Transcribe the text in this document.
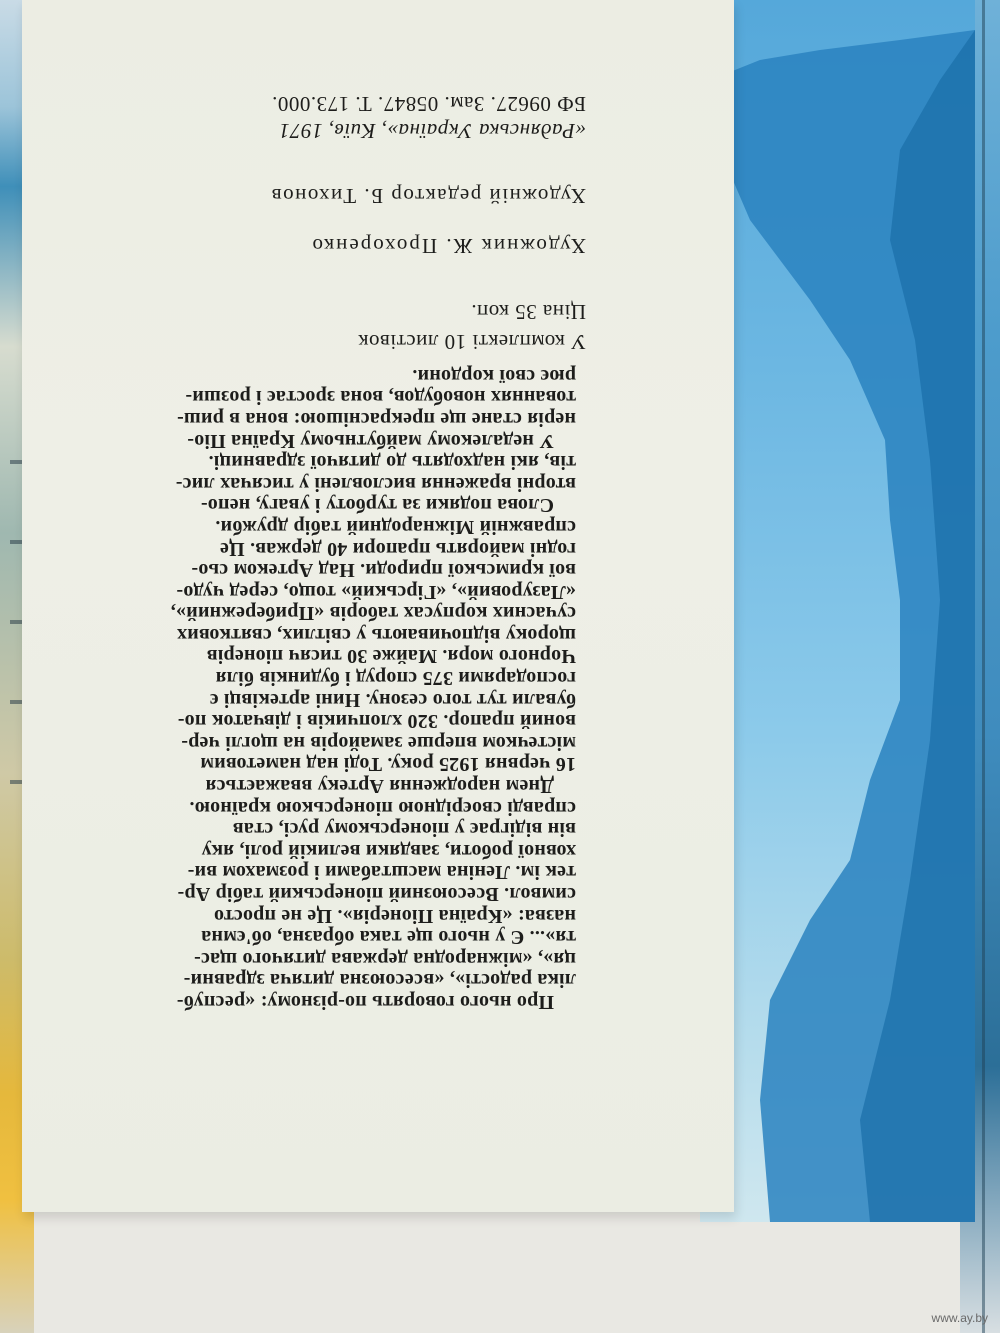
Про нього говорять по-різному: «респуб-
ліка радості», «всесоюзна дитяча здравни-
ця», «міжнародна держава дитячого щас-
тя»... Є у нього ще така образна, об'ємна
назва: «Країна Піонерія». Це не просто
символ. Всесоюзний піонерський табір Ар-
тек ім. Леніна масштабами і розмахом ви-
ховної роботи, завдяки великій ролі, яку
він відіграє у піонерському русі, став
справді своєрідною піонерською країною.

Днем народження Артеку вважається
16 червня 1925 року. Тоді над наметовим
містечком вперше замайорів на щоглі чер-
воний прапор. 320 хлопчиків і дівчаток по-
бували тут того сезону. Нині артеківці є
господарями 375 споруд і будинків біля
Чорного моря. Майже 30 тисяч піонерів
щороку відпочивають у світлих, святкових
сучасних корпусах таборів «Прибережний»,
«Лазуровий», «Гірський» тощо, серед чудо-
вої кримської природи. Над Артеком сьо-
годні майорять прапори 40 держав. Це
справжній Міжнародний табір дружби.

Слова подяки за турботу і увагу, непо-
вторні враження висловлені у тисячах лис-
тів, які надходять до дитячої здравниці.

У недалекому майбутньому Країна Піо-
нерія стане ще прекраснішою: вона в риш-
тованнях новобудов, вона зростає і розши-
рює свої кордони.

У комплекті 10 листівок
Ціна 35 коп.
Художник Ж. Прохоренко
Художній редактор Б. Тихонов
«Радянська Україна», Київ, 1971
БФ 09627. Зам. 05847. Т. 173.000.
www.ay.by
